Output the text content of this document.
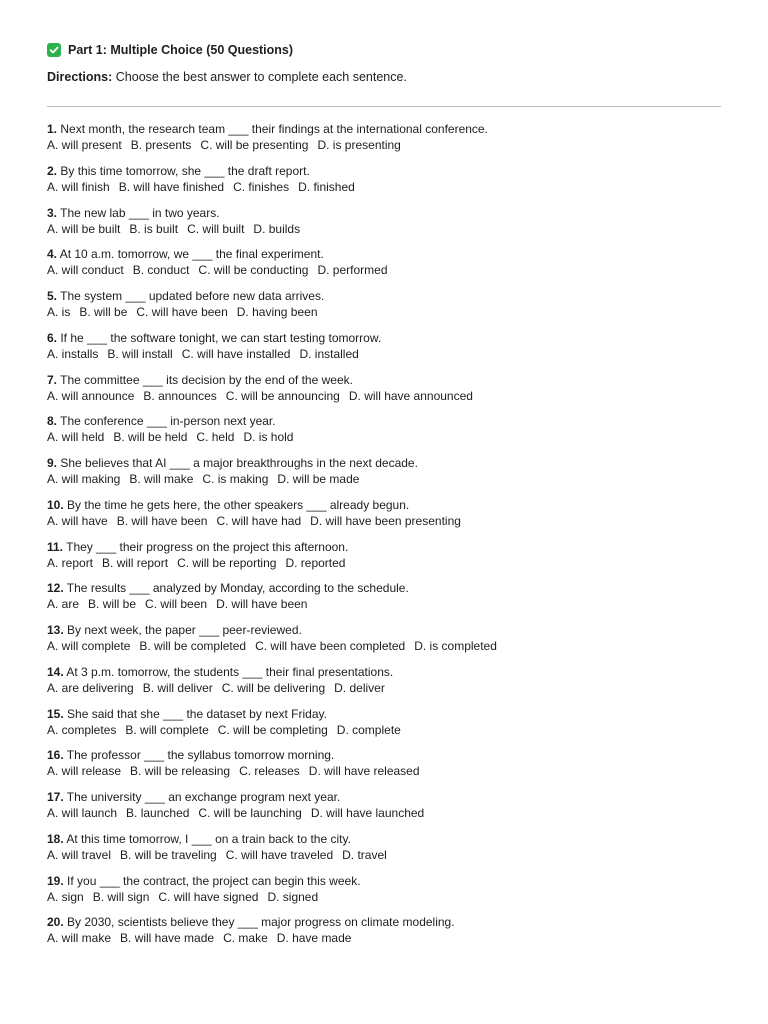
Part 1: Multiple Choice (50 Questions)
Directions: Choose the best answer to complete each sentence.
1. Next month, the research team ___ their findings at the international conference.
A. will present B. presents C. will be presenting D. is presenting
2. By this time tomorrow, she ___ the draft report.
A. will finish B. will have finished C. finishes D. finished
3. The new lab ___ in two years.
A. will be built B. is built C. will built D. builds
4. At 10 a.m. tomorrow, we ___ the final experiment.
A. will conduct B. conduct C. will be conducting D. performed
5. The system ___ updated before new data arrives.
A. is B. will be C. will have been D. having been
6. If he ___ the software tonight, we can start testing tomorrow.
A. installs B. will install C. will have installed D. installed
7. The committee ___ its decision by the end of the week.
A. will announce B. announces C. will be announcing D. will have announced
8. The conference ___ in-person next year.
A. will held B. will be held C. held D. is hold
9. She believes that AI ___ a major breakthroughs in the next decade.
A. will making B. will make C. is making D. will be made
10. By the time he gets here, the other speakers ___ already begun.
A. will have B. will have been C. will have had D. will have been presenting
11. They ___ their progress on the project this afternoon.
A. report B. will report C. will be reporting D. reported
12. The results ___ analyzed by Monday, according to the schedule.
A. are B. will be C. will been D. will have been
13. By next week, the paper ___ peer-reviewed.
A. will complete B. will be completed C. will have been completed D. is completed
14. At 3 p.m. tomorrow, the students ___ their final presentations.
A. are delivering B. will deliver C. will be delivering D. deliver
15. She said that she ___ the dataset by next Friday.
A. completes B. will complete C. will be completing D. complete
16. The professor ___ the syllabus tomorrow morning.
A. will release B. will be releasing C. releases D. will have released
17. The university ___ an exchange program next year.
A. will launch B. launched C. will be launching D. will have launched
18. At this time tomorrow, I ___ on a train back to the city.
A. will travel B. will be traveling C. will have traveled D. travel
19. If you ___ the contract, the project can begin this week.
A. sign B. will sign C. will have signed D. signed
20. By 2030, scientists believe they ___ major progress on climate modeling.
A. will make B. will have made C. make D. have made
